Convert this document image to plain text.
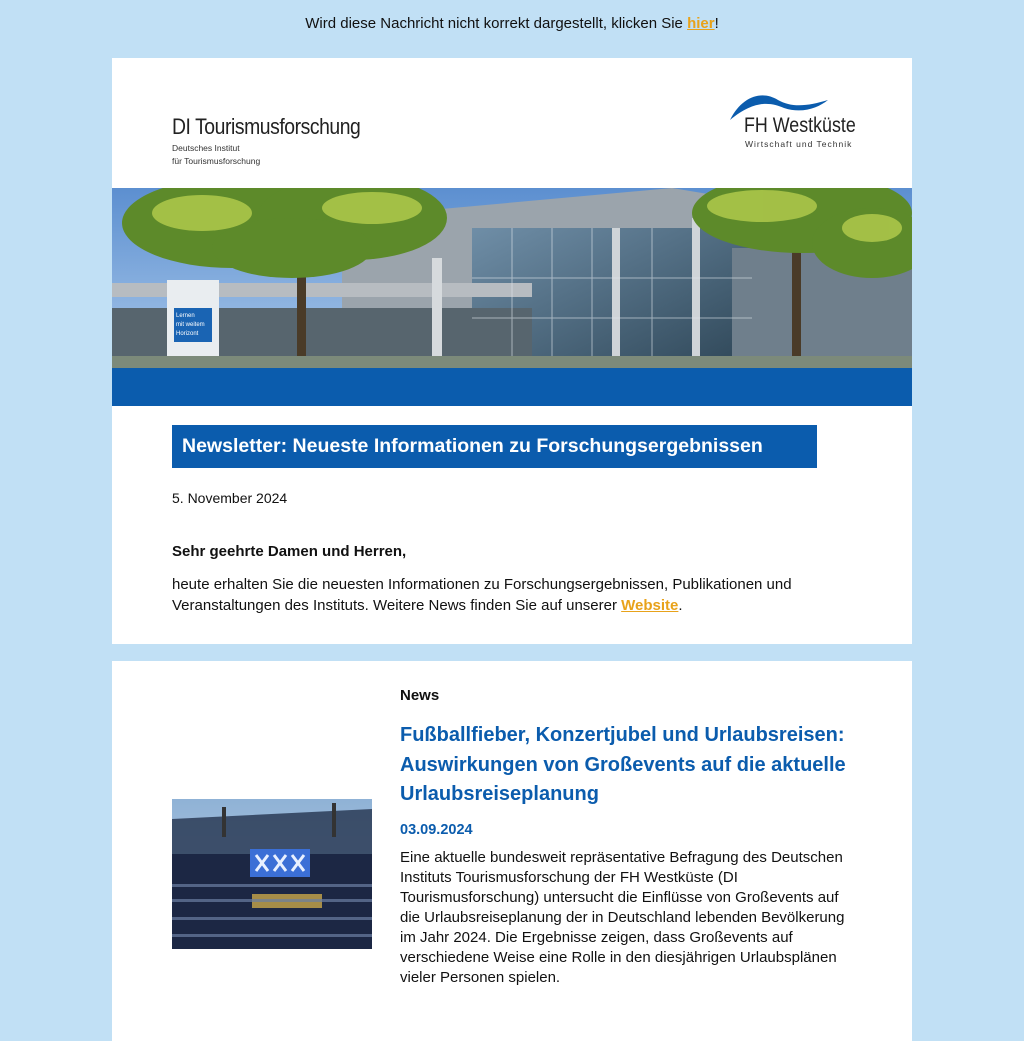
Wird diese Nachricht nicht korrekt dargestellt, klicken Sie hier!
DI Tourismusforschung
Deutsches Institut
für Tourismusforschung
FH Westküste
Wirtschaft und Technik
Lernen
mit weitem
Horizont
Newsletter: Neueste Informationen zu Forschungsergebnissen
5. November 2024
Sehr geehrte Damen und Herren,
heute erhalten Sie die neuesten Informationen zu Forschungsergebnissen, Publikationen und Veranstaltungen des Instituts. Weitere News finden Sie auf unserer Website.
News
Fußballfieber, Konzertjubel und Urlaubsreisen: Auswirkungen von Großevents auf die aktuelle Urlaubsreiseplanung
03.09.2024
Eine aktuelle bundesweit repräsentative Befragung des Deutschen Instituts Tourismusforschung der FH Westküste (DI Tourismusforschung) untersucht die Einflüsse von Großevents auf die Urlaubsreiseplanung der in Deutschland lebenden Bevölkerung im Jahr 2024. Die Ergebnisse zeigen, dass Großevents auf verschiedene Weise eine Rolle in den diesjährigen Urlaubsplänen vieler Personen spielen.
